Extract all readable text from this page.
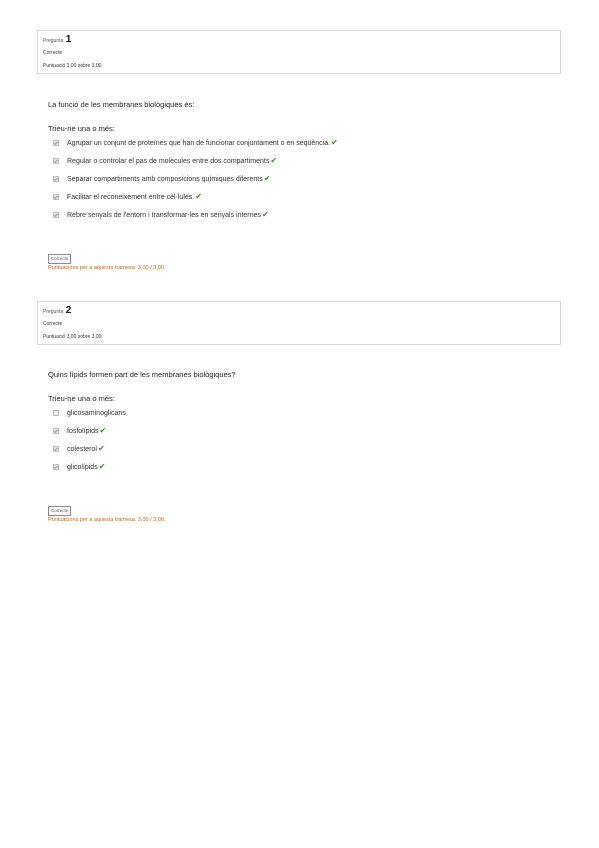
Pregunta 1
Correcte
Puntuació 3,00 sobre 3,00
La funció de les membranes biològiques és:
Trieu-ne una o més:
Agrupar un conjunt de proteïnes que han de funcionar conjuntament o en seqüència. ✔
Regular o controlar el pas de molècules entre dos compartiments ✔
Separar compartiments amb composicions químiques diferents ✔
Facilitar el reconeixement entre cèl·lules. ✔
Rebre senyals de l'entorn i transformar-les en senyals internes ✔
Correcte
Puntuacions per a aquesta tramesa: 3,00 / 3,00.
Pregunta 2
Correcte
Puntuació 3,00 sobre 3,00
Quins lípids formen part de les membranes biològiques?
Trieu-ne una o més:
glicosaminoglicans
fosfolípids ✔
colesterol ✔
glicolípids ✔
Correcte
Puntuacions per a aquesta tramesa: 3,00 / 3,00.
